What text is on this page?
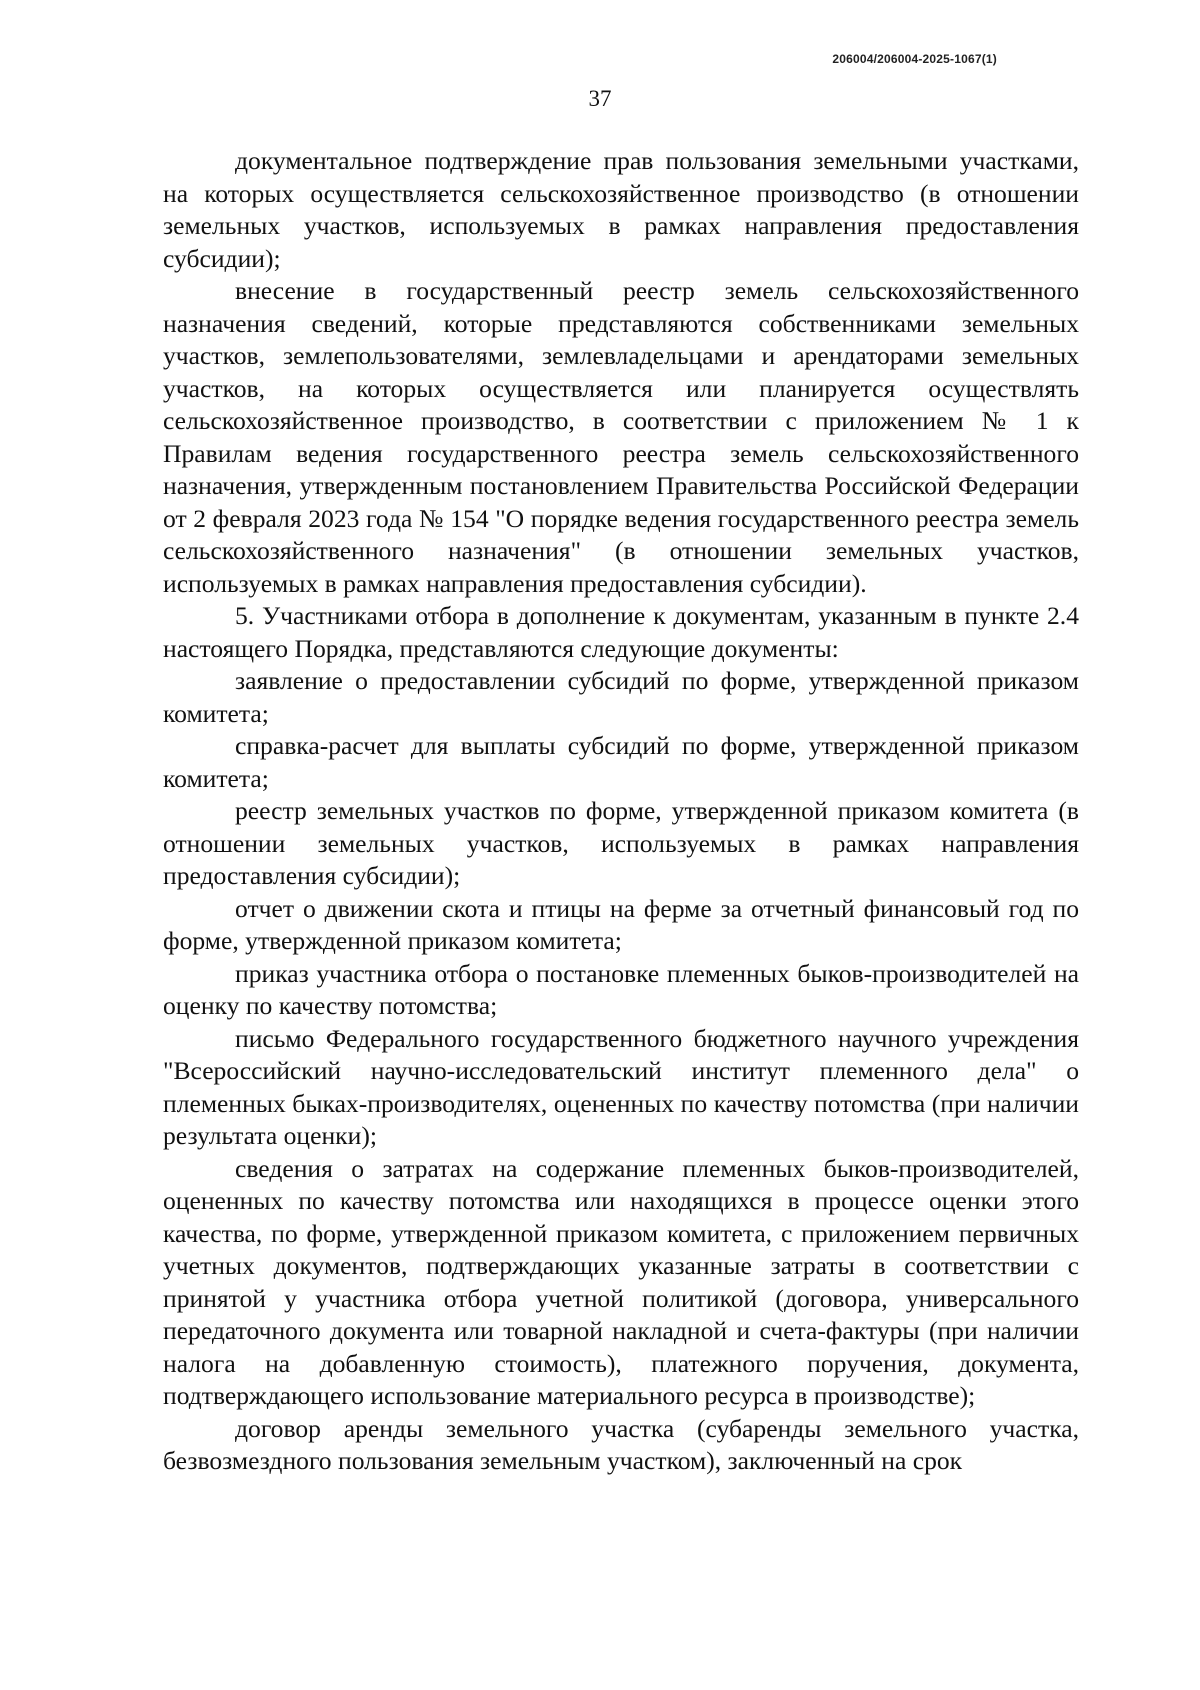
206004/206004-2025-1067(1)
37

документальное подтверждение прав пользования земельными участками, на которых осуществляется сельскохозяйственное производство (в отношении земельных участков, используемых в рамках направления предоставления субсидии);

внесение в государственный реестр земель сельскохозяйственного назначения сведений, которые представляются собственниками земельных участков, землепользователями, землевладельцами и арендаторами земельных участков, на которых осуществляется или планируется осуществлять сельскохозяйственное производство, в соответствии с приложением № 1 к Правилам ведения государственного реестра земель сельскохозяйственного назначения, утвержденным постановлением Правительства Российской Федерации от 2 февраля 2023 года № 154 "О порядке ведения государственного реестра земель сельскохозяйственного назначения" (в отношении земельных участков, используемых в рамках направления предоставления субсидии).

5. Участниками отбора в дополнение к документам, указанным в пункте 2.4 настоящего Порядка, представляются следующие документы:

заявление о предоставлении субсидий по форме, утвержденной приказом комитета;

справка-расчет для выплаты субсидий по форме, утвержденной приказом комитета;

реестр земельных участков по форме, утвержденной приказом комитета (в отношении земельных участков, используемых в рамках направления предоставления субсидии);

отчет о движении скота и птицы на ферме за отчетный финансовый год по форме, утвержденной приказом комитета;

приказ участника отбора о постановке племенных быков-производителей на оценку по качеству потомства;

письмо Федерального государственного бюджетного научного учреждения "Всероссийский научно-исследовательский институт племенного дела" о племенных быках-производителях, оцененных по качеству потомства (при наличии результата оценки);

сведения о затратах на содержание племенных быков-производителей, оцененных по качеству потомства или находящихся в процессе оценки этого качества, по форме, утвержденной приказом комитета, с приложением первичных учетных документов, подтверждающих указанные затраты в соответствии с принятой у участника отбора учетной политикой (договора, универсального передаточного документа или товарной накладной и счета-фактуры (при наличии налога на добавленную стоимость), платежного поручения, документа, подтверждающего использование материального ресурса в производстве);

договор аренды земельного участка (субаренды земельного участка, безвозмездного пользования земельным участком), заключенный на срок
